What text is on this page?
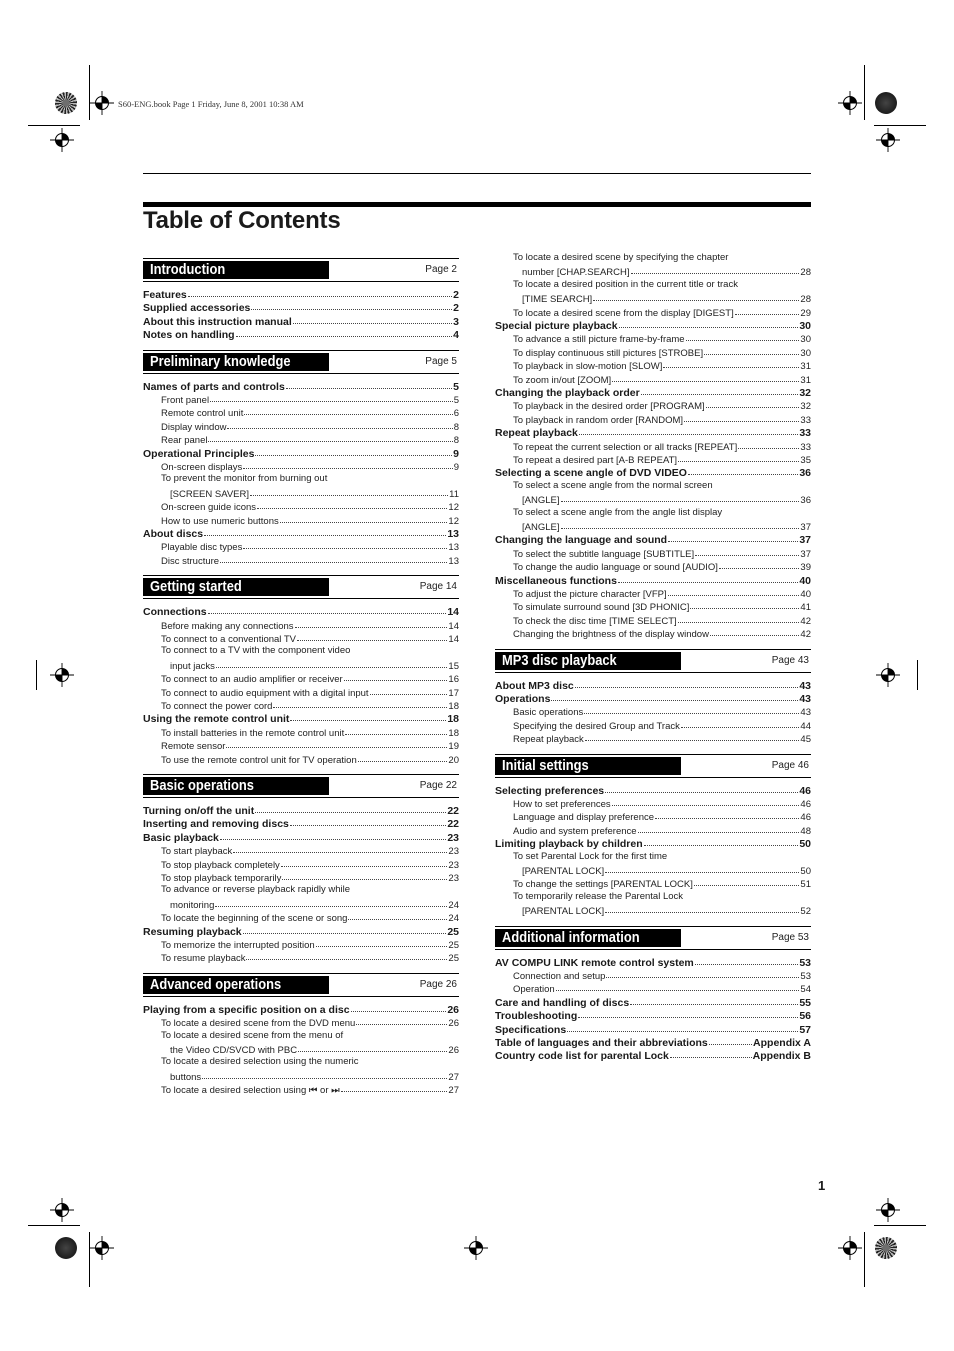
S60-ENG.book Page 1 Friday, June 8, 2001 10:38 AM
Table of Contents
Introduction	Page 2
Features	2
Supplied accessories	2
About this instruction manual	3
Notes on handling	4
Preliminary knowledge	Page 5
Names of parts and controls	5
Front panel	5
Remote control unit	6
Display window	8
Rear panel	8
Operational Principles	9
On-screen displays	9
To prevent the monitor from burning out
[SCREEN SAVER]	11
On-screen guide icons	12
How to use numeric buttons	12
About discs	13
Playable disc types	13
Disc structure	13
Getting started	Page 14
Connections	14
Before making any connections	14
To connect to a conventional TV	14
To connect to a TV with the component video
input jacks	15
To connect to an audio amplifier or receiver	16
To connect to audio equipment with a digital input	17
To connect the power cord	18
Using the remote control unit	18
To install batteries in the remote control unit	18
Remote sensor	19
To use the remote control unit for TV operation	20
Basic operations	Page 22
Turning on/off the unit	22
Inserting and removing discs	22
Basic playback	23
To start playback	23
To stop playback completely	23
To stop playback temporarily	23
To advance or reverse playback rapidly while
monitoring	24
To locate the beginning of the scene or song	24
Resuming playback	25
To memorize the interrupted position	25
To resume playback	25
Advanced operations	Page 26
Playing from a specific position on a disc	26
To locate a desired scene from the DVD menu	26
To locate a desired scene from the menu of
the Video CD/SVCD with PBC	26
To locate a desired selection using the numeric
buttons	27
To locate a desired selection using ⏮ or ⏭	27
To locate a desired scene by specifying the chapter
number [CHAP.SEARCH]	28
To locate a desired position in the current title or track
[TIME SEARCH]	28
To locate a desired scene from the display [DIGEST]	29
Special picture playback	30
To advance a still picture frame-by-frame	30
To display continuous still pictures [STROBE]	30
To playback in slow-motion [SLOW]	31
To zoom in/out [ZOOM]	31
Changing the playback order	32
To playback in the desired order [PROGRAM]	32
To playback in random order [RANDOM]	33
Repeat playback	33
To repeat the current selection or all tracks [REPEAT]	33
To repeat a desired part [A-B REPEAT]	35
Selecting a scene angle of DVD VIDEO	36
To select a scene angle from the normal screen
[ANGLE]	36
To select a scene angle from the angle list display
[ANGLE]	37
Changing the language and sound	37
To select the subtitle language [SUBTITLE]	37
To change the audio language or sound [AUDIO]	39
Miscellaneous functions	40
To adjust the picture character [VFP]	40
To simulate surround sound [3D PHONIC]	41
To check the disc time [TIME SELECT]	42
Changing the brightness of the display window	42
MP3 disc playback	Page 43
About MP3 disc	43
Operations	43
Basic operations	43
Specifying the desired Group and Track	44
Repeat playback	45
Initial settings	Page 46
Selecting preferences	46
How to set preferences	46
Language and display preference	46
Audio and system preference	48
Limiting playback by children	50
To set Parental Lock for the first time
[PARENTAL LOCK]	50
To change the settings [PARENTAL LOCK]	51
To temporarily release the Parental Lock
[PARENTAL LOCK]	52
Additional information	Page 53
AV COMPU LINK remote control system	53
Connection and setup	53
Operation	54
Care and handling of discs	55
Troubleshooting	56
Specifications	57
Table of languages and their abbreviations	Appendix A
Country code list for parental Lock	Appendix B
1
